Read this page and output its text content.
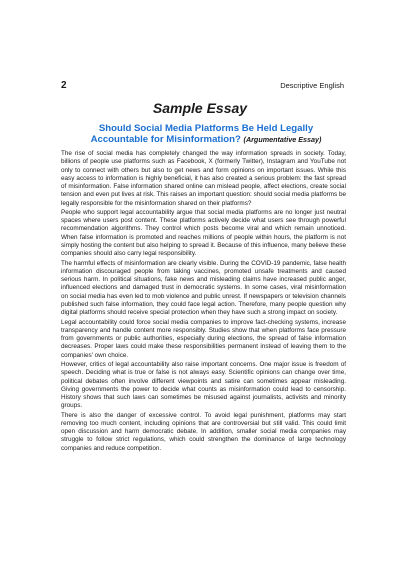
2	Descriptive English
Sample Essay
Should Social Media Platforms Be Held Legally
Accountable for Misinformation? (Argumentative Essay)

The rise of social media has completely changed the way information spreads in society. Today, billions of people use platforms such as Facebook, X (formerly Twitter), Instagram and YouTube not only to connect with others but also to get news and form opinions on important issues. While this easy access to information is highly beneficial, it has also created a serious problem: the fast spread of misinformation. False information shared online can mislead people, affect elections, create social tension and even put lives at risk. This raises an important question: should social media platforms be legally responsible for the misinformation shared on their platforms?

People who support legal accountability argue that social media platforms are no longer just neutral spaces where users post content. These platforms actively decide what users see through powerful recommendation algorithms. They control which posts become viral and which remain unnoticed. When false information is promoted and reaches millions of people within hours, the platform is not simply hosting the content but also helping to spread it. Because of this influence, many believe these companies should also carry legal responsibility.

The harmful effects of misinformation are clearly visible. During the COVID-19 pandemic, false health information discouraged people from taking vaccines, promoted unsafe treatments and caused serious harm. In political situations, fake news and misleading claims have increased public anger, influenced elections and damaged trust in democratic systems. In some cases, viral misinformation on social media has even led to mob violence and public unrest. If newspapers or television channels published such false information, they could face legal action. Therefore, many people question why digital platforms should receive special protection when they have such a strong impact on society.

Legal accountability could force social media companies to improve fact-checking systems, increase transparency and handle content more responsibly. Studies show that when platforms face pressure from governments or public authorities, especially during elections, the spread of false information decreases. Proper laws could make these responsibilities permanent instead of leaving them to the companies' own choice.

However, critics of legal accountability also raise important concerns. One major issue is freedom of speech. Deciding what is true or false is not always easy. Scientific opinions can change over time, political debates often involve different viewpoints and satire can sometimes appear misleading. Giving governments the power to decide what counts as misinformation could lead to censorship. History shows that such laws can sometimes be misused against journalists, activists and minority groups.

There is also the danger of excessive control. To avoid legal punishment, platforms may start removing too much content, including opinions that are controversial but still valid. This could limit open discussion and harm democratic debate. In addition, smaller social media companies may struggle to follow strict regulations, which could strengthen the dominance of large technology companies and reduce competition.
